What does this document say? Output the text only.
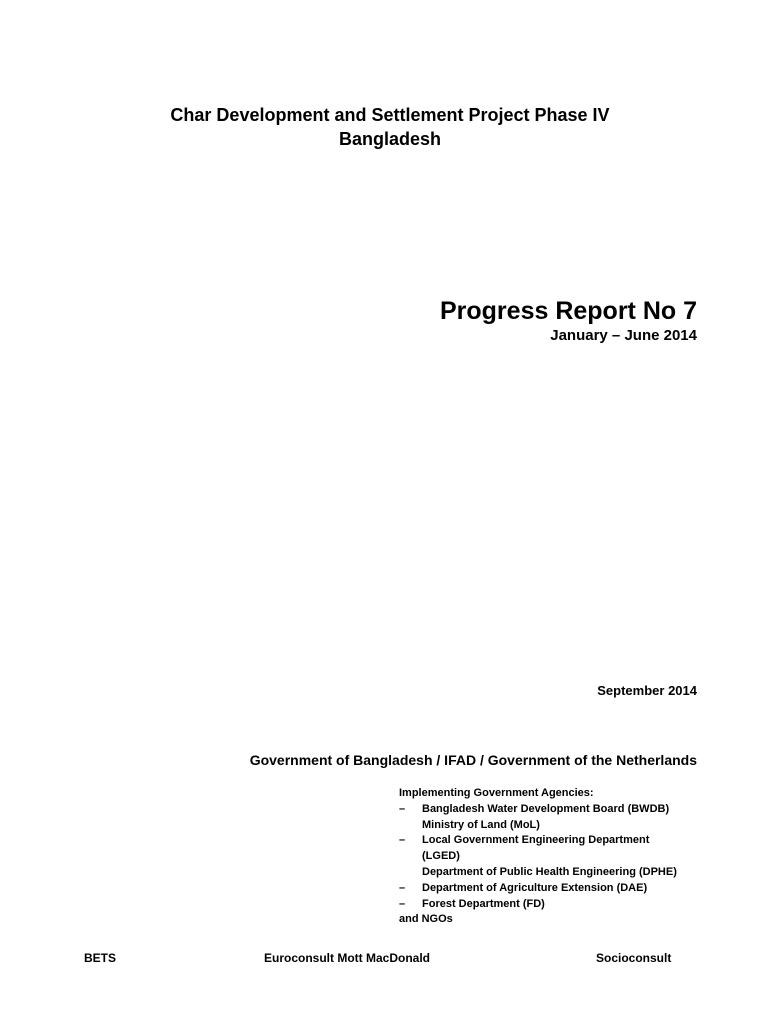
Char Development and Settlement Project Phase IV
Bangladesh
Progress Report No 7
January – June 2014
September 2014
Government of Bangladesh / IFAD / Government of the Netherlands
Implementing Government Agencies:
– Bangladesh Water Development Board (BWDB)
Ministry of Land (MoL)
– Local Government Engineering Department
(LGED)
Department of Public Health Engineering (DPHE)
– Department of Agriculture Extension (DAE)
– Forest Department (FD)
and NGOs
BETS	Euroconsult Mott MacDonald	Socioconsult
